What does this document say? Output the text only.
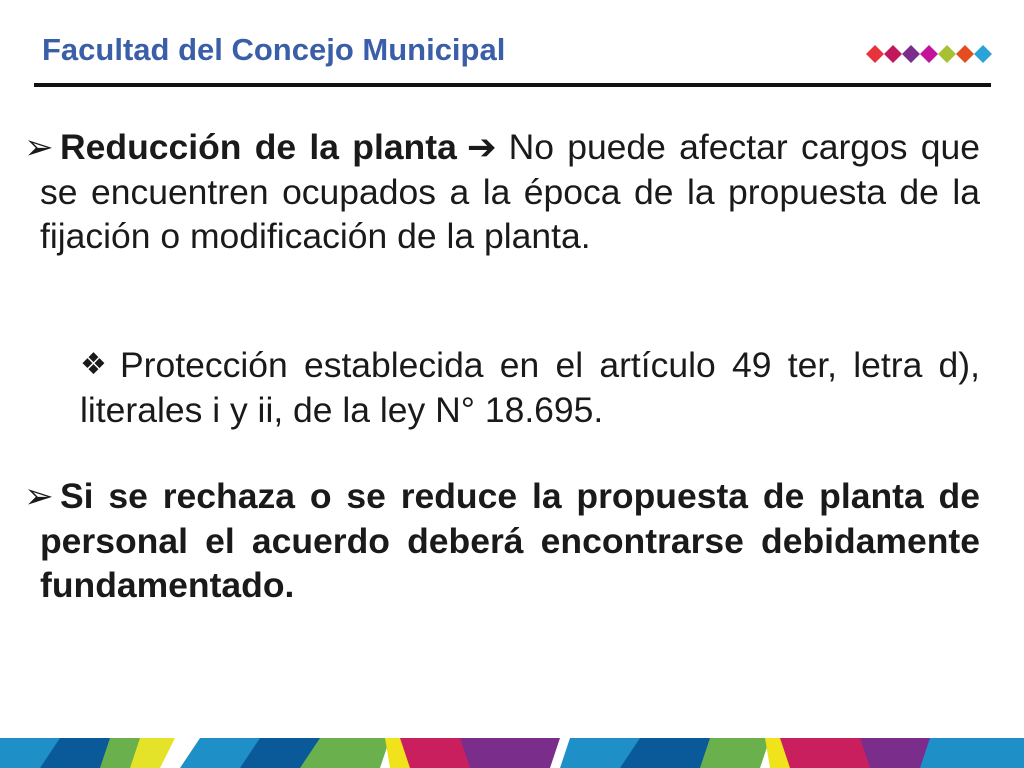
Facultad del Concejo Municipal
➢ Reducción de la planta ➔ No puede afectar cargos que se encuentren ocupados a la época de la propuesta de la fijación o modificación de la planta.
❖ Protección establecida en el artículo 49 ter, letra d), literales i y ii, de la ley N° 18.695.
➢ Si se rechaza o se reduce la propuesta de planta de personal el acuerdo deberá encontrarse debidamente fundamentado.
